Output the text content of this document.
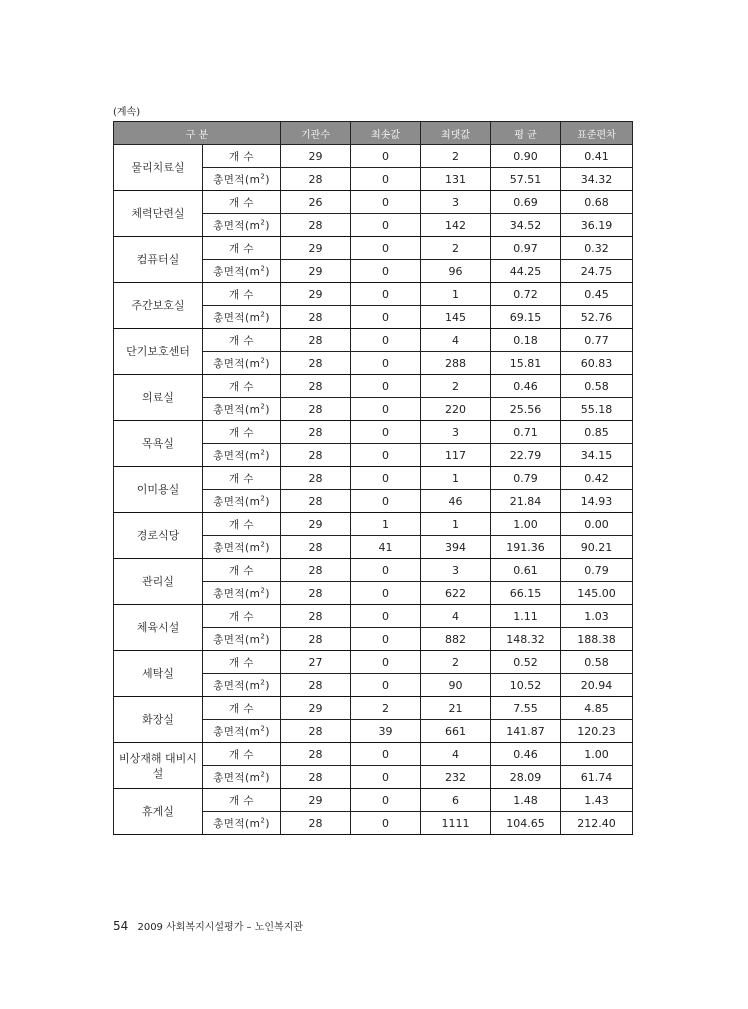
(계속)
구 분		기관수	최솟값	최댓값	평 균	표준편차
물리치료실	개 수	29	0	2	0.90	0.41
	총면적$(m^2)$	28	0	131	57.51	34.32
체력단련실	개 수	26	0	3	0.69	0.68
	총면적$(m^2)$	28	0	142	34.52	36.19
컴퓨터실	개 수	29	0	2	0.97	0.32
	총면적$(m^2)$	29	0	96	44.25	24.75
주간보호실	개 수	29	0	1	0.72	0.45
	총면적$(m^2)$	28	0	145	69.15	52.76
단기보호센터	개 수	28	0	4	0.18	0.77
	총면적$(m^2)$	28	0	288	15.81	60.83
의료실	개 수	28	0	2	0.46	0.58
	총면적$(m^2)$	28	0	220	25.56	55.18
목욕실	개 수	28	0	3	0.71	0.85
	총면적$(m^2)$	28	0	117	22.79	34.15
이미용실	개 수	28	0	1	0.79	0.42
	총면적$(m^2)$	28	0	46	21.84	14.93
경로식당	개 수	29	1	1	1.00	0.00
	총면적$(m^2)$	28	41	394	191.36	90.21
관리실	개 수	28	0	3	0.61	0.79
	총면적$(m^2)$	28	0	622	66.15	145.00
체육시설	개 수	28	0	4	1.11	1.03
	총면적$(m^2)$	28	0	882	148.32	188.38
세탁실	개 수	27	0	2	0.52	0.58
	총면적$(m^2)$	28	0	90	10.52	20.94
화장실	개 수	29	2	21	7.55	4.85
	총면적$(m^2)$	28	39	661	141.87	120.23
비상재해 대비시설	개 수	28	0	4	0.46	1.00
	총면적$(m^2)$	28	0	232	28.09	61.74
휴게실	개 수	29	0	6	1.48	1.43
	총면적$(m^2)$	28	0	1111	104.65	212.40
54 2009 사회복지시설평가 – 노인복지관
